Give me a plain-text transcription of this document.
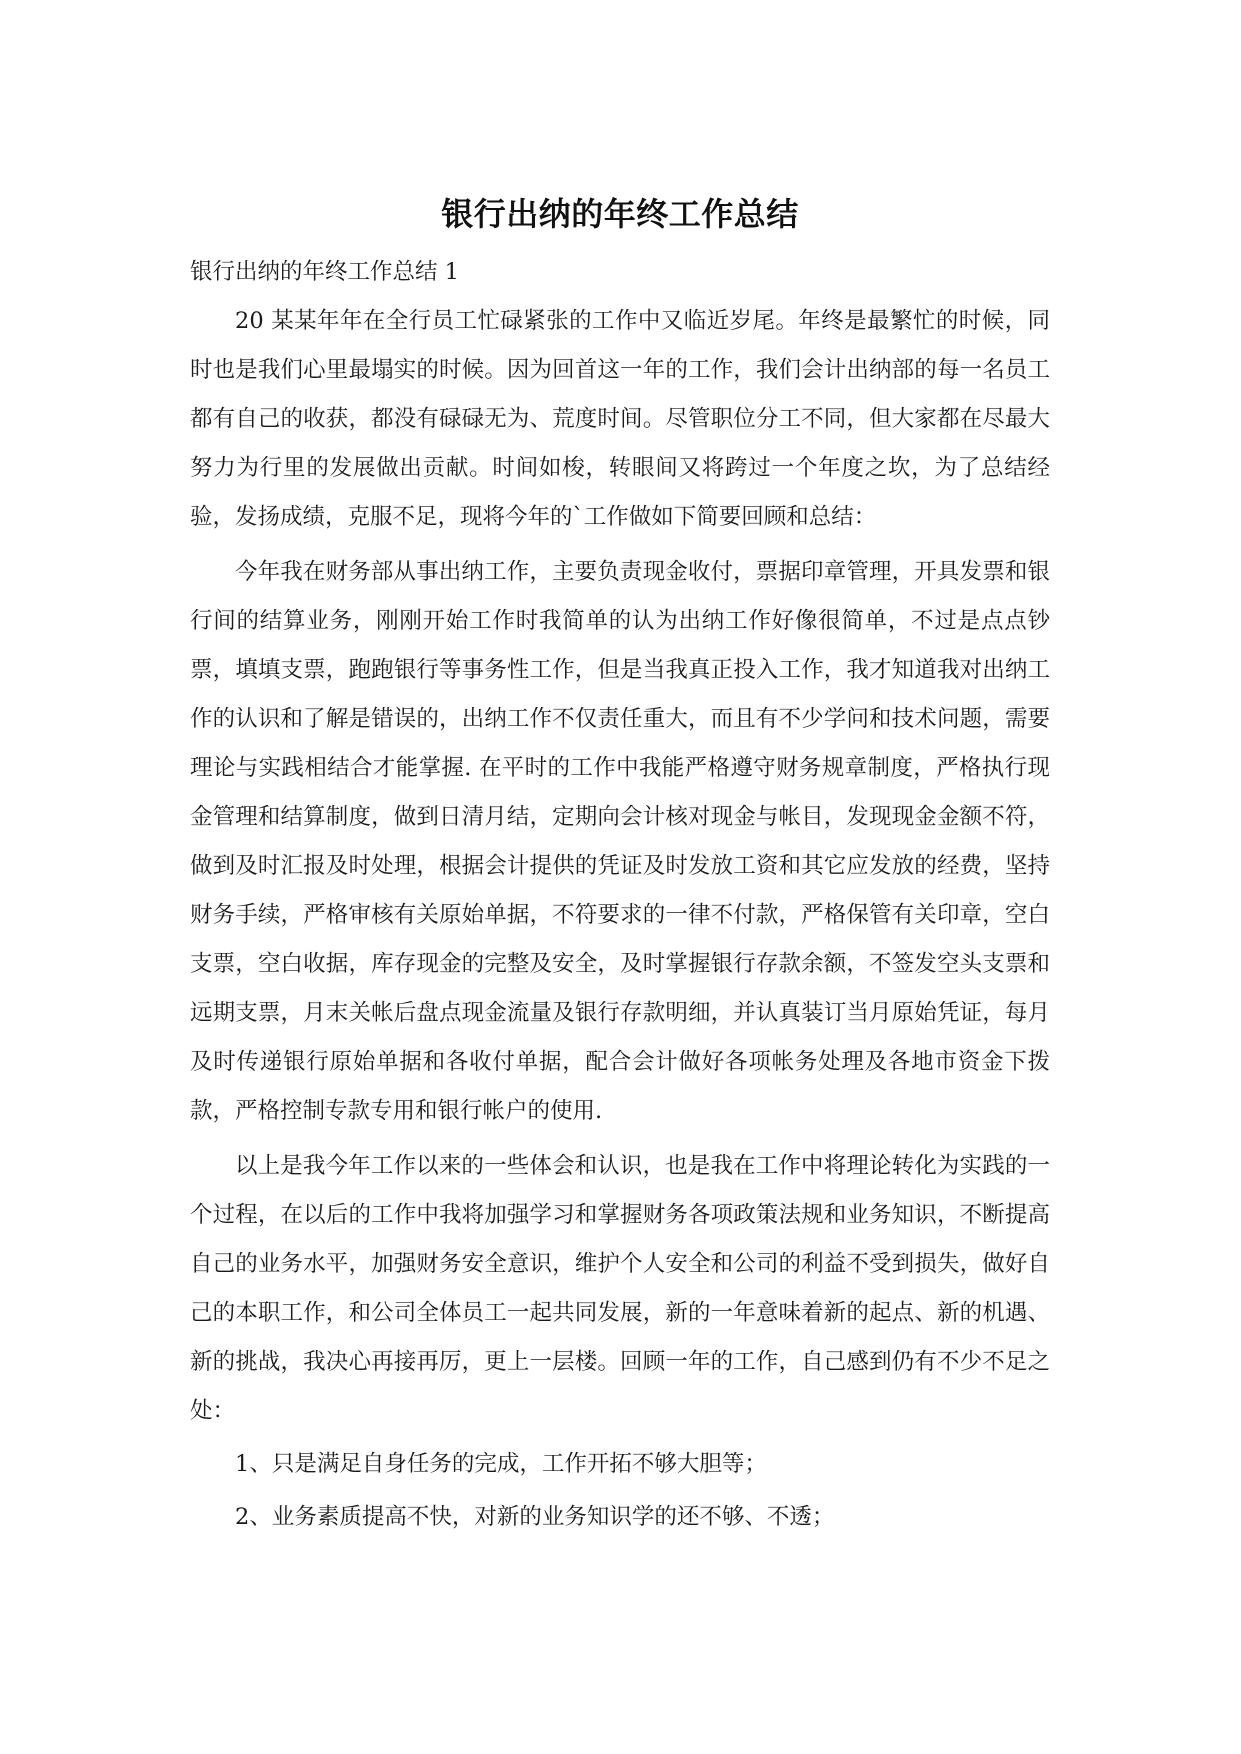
银行出纳的年终工作总结

银行出纳的年终工作总结 1

20 某某年年在全行员工忙碌紧张的工作中又临近岁尾。年终是最繁忙的时候，同时也是我们心里最塌实的时候。因为回首这一年的工作，我们会计出纳部的每一名员工都有自己的收获，都没有碌碌无为、荒度时间。尽管职位分工不同，但大家都在尽最大努力为行里的发展做出贡献。时间如梭，转眼间又将跨过一个年度之坎，为了总结经验，发扬成绩，克服不足，现将今年的`工作做如下简要回顾和总结：

今年我在财务部从事出纳工作，主要负责现金收付，票据印章管理，开具发票和银行间的结算业务，刚刚开始工作时我简单的认为出纳工作好像很简单，不过是点点钞票，填填支票，跑跑银行等事务性工作，但是当我真正投入工作，我才知道我对出纳工作的认识和了解是错误的，出纳工作不仅责任重大，而且有不少学问和技术问题，需要理论与实践相结合才能掌握. 在平时的工作中我能严格遵守财务规章制度，严格执行现金管理和结算制度，做到日清月结，定期向会计核对现金与帐目，发现现金金额不符，做到及时汇报及时处理，根据会计提供的凭证及时发放工资和其它应发放的经费，坚持财务手续，严格审核有关原始单据，不符要求的一律不付款，严格保管有关印章，空白支票，空白收据，库存现金的完整及安全，及时掌握银行存款余额，不签发空头支票和远期支票，月末关帐后盘点现金流量及银行存款明细，并认真装订当月原始凭证，每月及时传递银行原始单据和各收付单据，配合会计做好各项帐务处理及各地市资金下拨款，严格控制专款专用和银行帐户的使用.

以上是我今年工作以来的一些体会和认识，也是我在工作中将理论转化为实践的一个过程，在以后的工作中我将加强学习和掌握财务各项政策法规和业务知识，不断提高自己的业务水平，加强财务安全意识，维护个人安全和公司的利益不受到损失，做好自己的本职工作，和公司全体员工一起共同发展，新的一年意味着新的起点、新的机遇、新的挑战，我决心再接再厉，更上一层楼。回顾一年的工作，自己感到仍有不少不足之处：

1、只是满足自身任务的完成，工作开拓不够大胆等；

2、业务素质提高不快，对新的业务知识学的还不够、不透；
